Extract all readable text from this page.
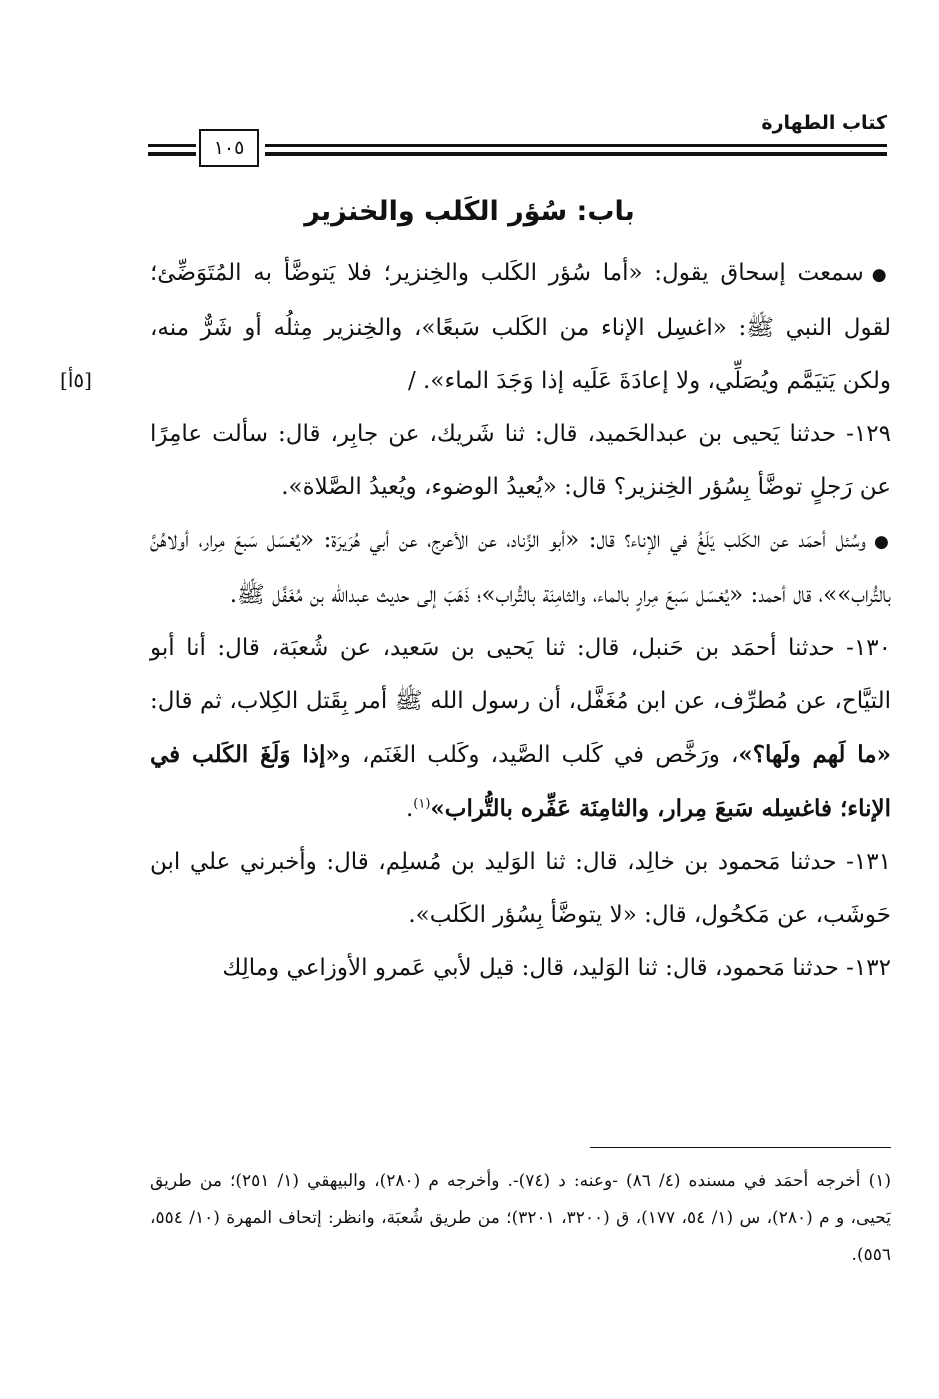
كتاب الطهارة
١٠٥
باب: سُؤر الكَلب والخنزير
[٥أ]

●سمعت إسحاق يقول: «أما سُؤر الكَلب والخِنزير؛ فلا يَتوضَّأ به المُتَوَضِّئ؛ لقول النبي ﷺ: «اغسِل الإناء من الكَلب سَبعًا»، والخِنزير مِثلُه أو شَرٌّ منه، ولكن يَتيَمَّم ويُصَلِّي، ولا إعادَةَ عَلَيه إذا وَجَدَ الماء». /

١٢٩- حدثنا يَحيى بن عبدالحَميد، قال: ثنا شَريك، عن جابِر، قال: سألت عامِرًا عن رَجلٍ توضَّأ بِسُؤر الخِنزير؟ قال: «يُعيدُ الوضوء، ويُعيدُ الصَّلاة».

●وسُئل أحمَد عن الكَلب يَلَغُ في الإناء؟ قال: «أبو الزِّناد، عن الأعرج، عن أبي هُرَيرَة: «يُغسَل سَبعَ مِرار، أولاهُنَّ بالتُّراب»»، قال أحمد: «يُغسَل سَبعَ مِرارٍ بالماء، والثامِنَة بالتُّراب»؛ ذَهَبَ إلى حديث عبدالله بن مُغَفَّل ﷺ.

١٣٠- حدثنا أحمَد بن حَنبل، قال: ثنا يَحيى بن سَعيد، عن شُعبَة، قال: أنا أبو التيَّاح، عن مُطرِّف، عن ابن مُغَفَّل، أن رسول الله ﷺ أمر بِقَتل الكِلاب، ثم قال: «ما لَهم ولَها؟»، ورَخَّص في كَلب الصَّيد، وكَلب الغَنَم، و«إذا وَلَغَ الكَلب في الإناء؛ فاغسِله سَبعَ مِرار، والثامِنَة عَفِّره بالتُّراب»$^{(١)}$.

١٣١- حدثنا مَحمود بن خالِد، قال: ثنا الوَليد بن مُسلِم، قال: وأخبرني علي ابن حَوشَب، عن مَكحُول، قال: «لا يتوضَّأ بِسُؤر الكَلب».

١٣٢- حدثنا مَحمود، قال: ثنا الوَليد، قال: قيل لأبي عَمرو الأوزاعي ومالِك

(١) أخرجه أحمَد في مسنده (٤/ ٨٦) -وعنه: د (٧٤)-. وأخرجه م (٢٨٠)، والبيهقي (١/ ٢٥١)؛ من طريق يَحيى، و م (٢٨٠)، س (١/ ٥٤، ١٧٧)، ق (٣٢٠٠، ٣٢٠١)؛ من طريق شُعبَة، وانظر: إتحاف المهرة (١٠/ ٥٥٤، ٥٥٦).
